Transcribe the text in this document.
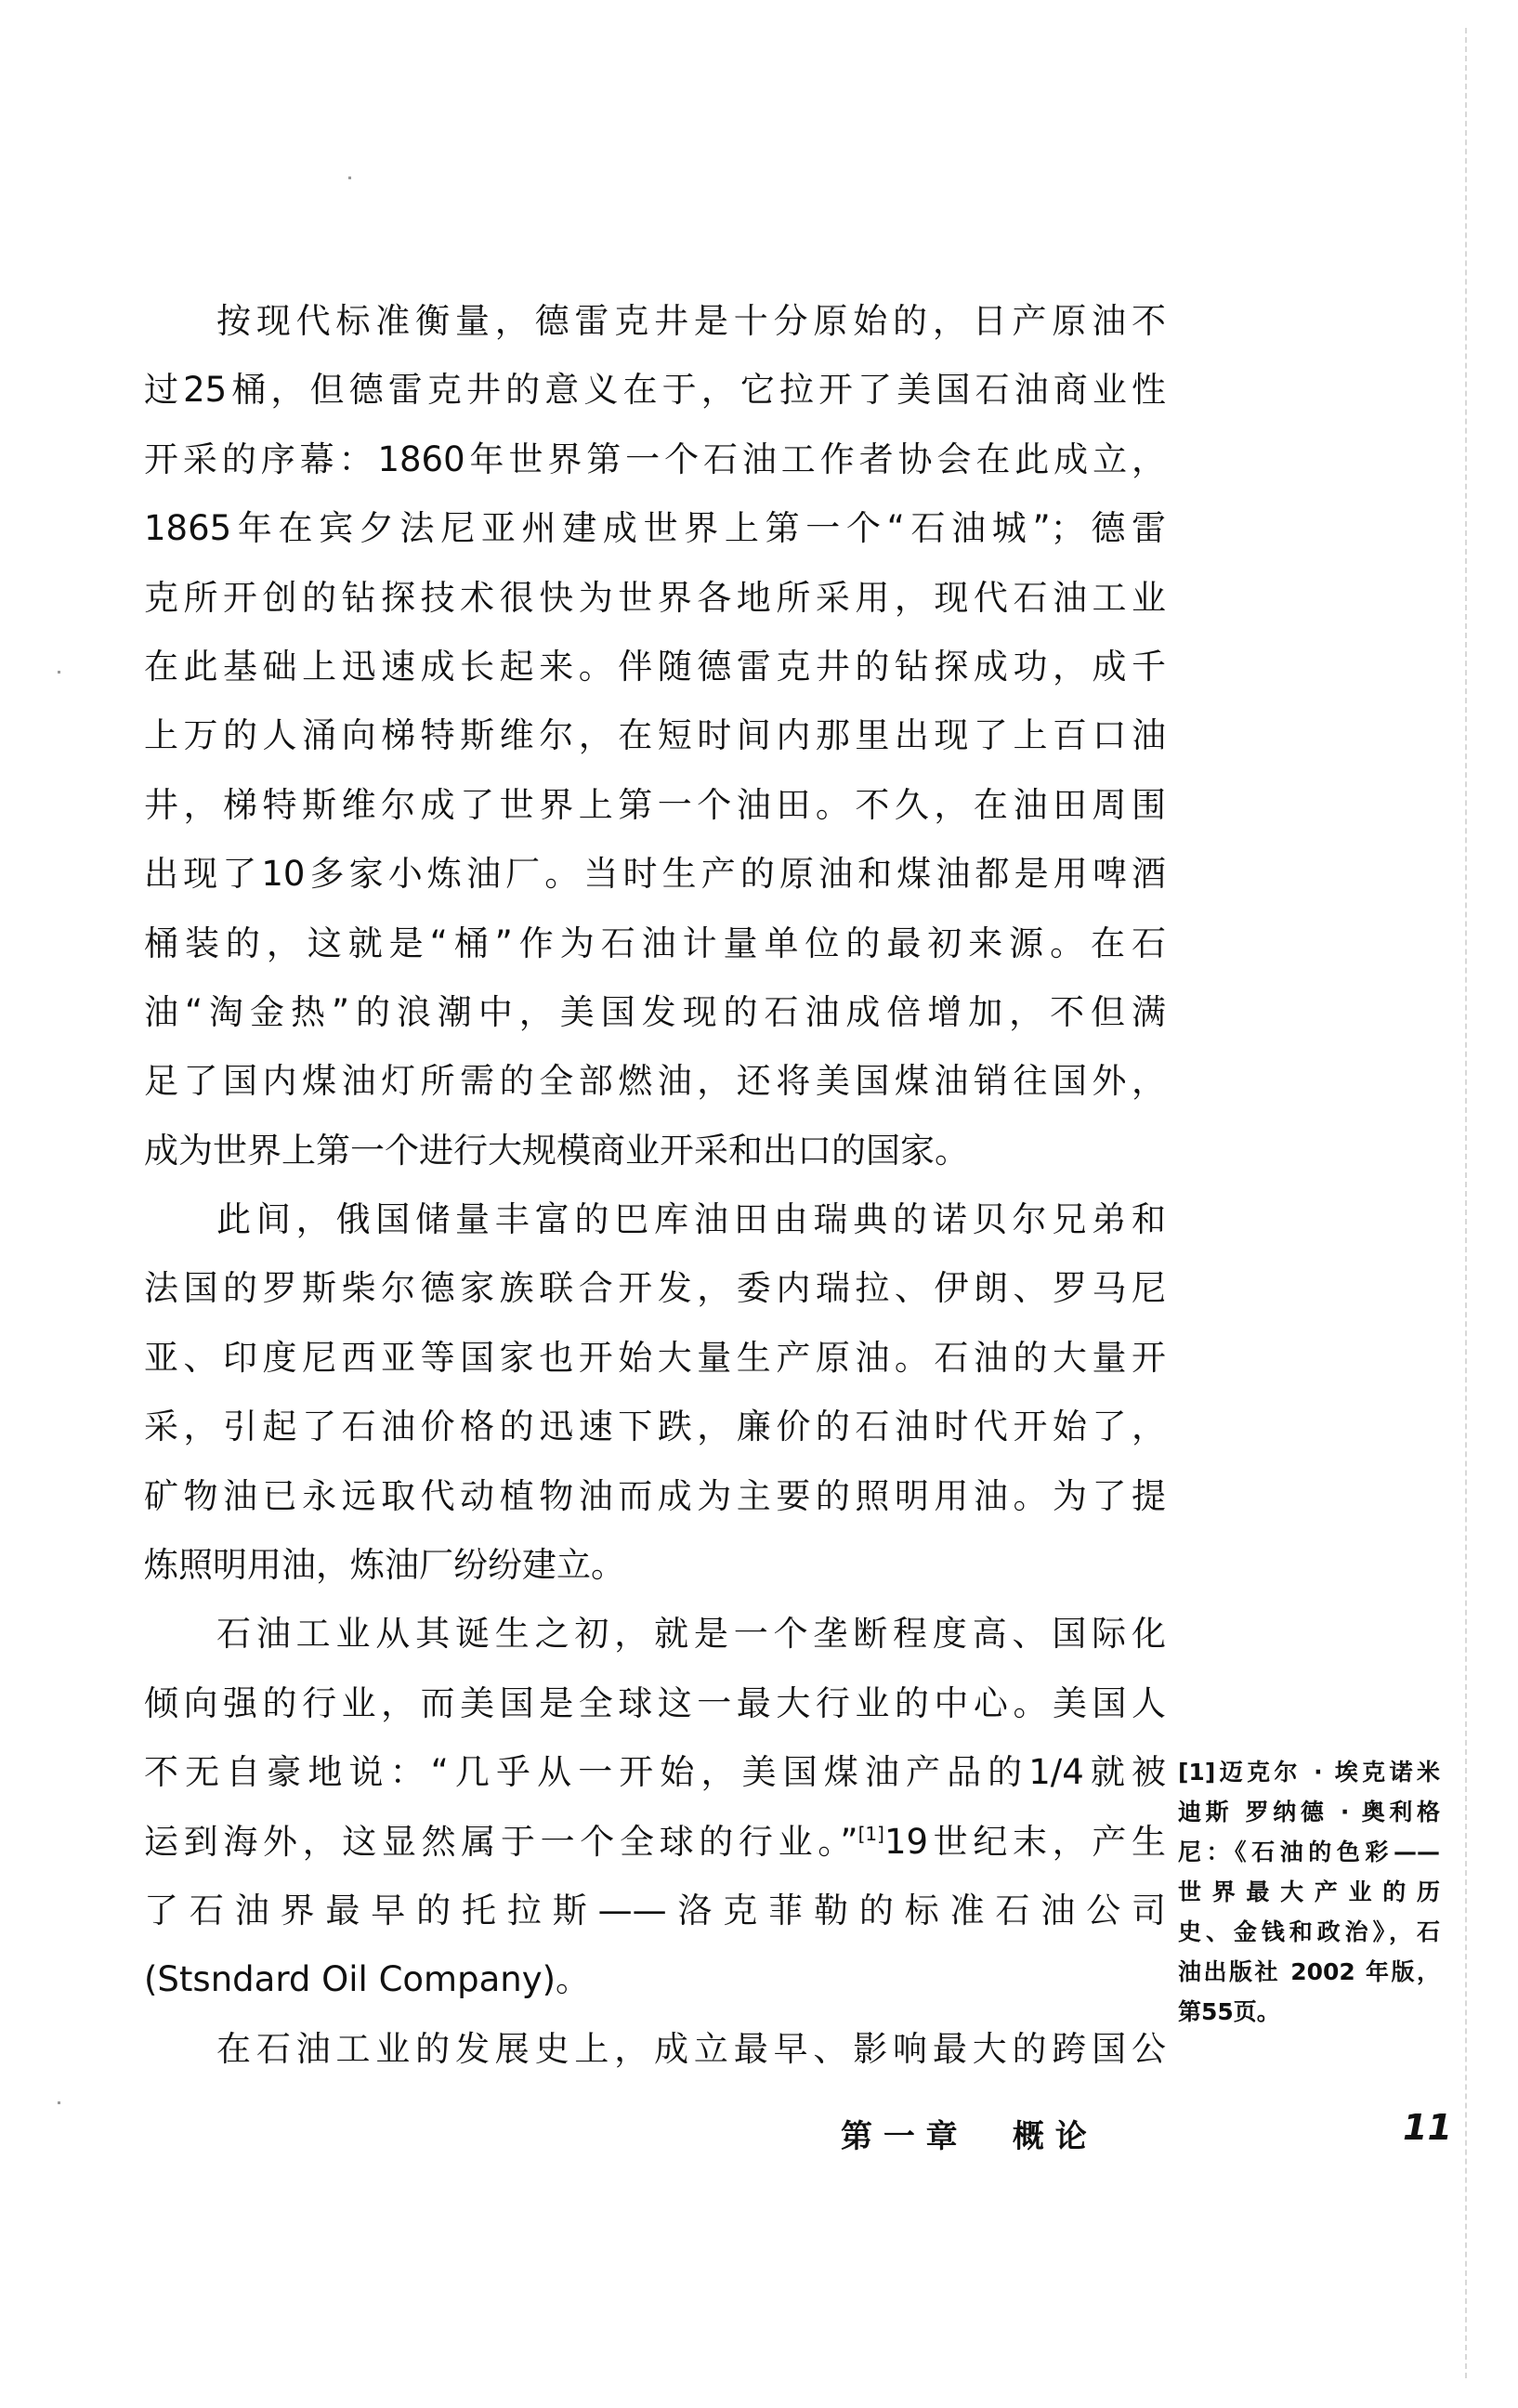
按现代标准衡量，德雷克井是十分原始的，日产原油不
过25桶，但德雷克井的意义在于，它拉开了美国石油商业性
开采的序幕：1860年世界第一个石油工作者协会在此成立，
1865年在宾夕法尼亚州建成世界上第一个“石油城”；德雷
克所开创的钻探技术很快为世界各地所采用，现代石油工业
在此基础上迅速成长起来。伴随德雷克井的钻探成功，成千
上万的人涌向梯特斯维尔，在短时间内那里出现了上百口油
井，梯特斯维尔成了世界上第一个油田。不久，在油田周围
出现了10多家小炼油厂。当时生产的原油和煤油都是用啤酒
桶装的，这就是“桶”作为石油计量单位的最初来源。在石
油“淘金热”的浪潮中，美国发现的石油成倍增加，不但满
足了国内煤油灯所需的全部燃油，还将美国煤油销往国外，
成为世界上第一个进行大规模商业开采和出口的国家。
此间，俄国储量丰富的巴库油田由瑞典的诺贝尔兄弟和
法国的罗斯柴尔德家族联合开发，委内瑞拉、伊朗、罗马尼
亚、印度尼西亚等国家也开始大量生产原油。石油的大量开
采，引起了石油价格的迅速下跌，廉价的石油时代开始了，
矿物油已永远取代动植物油而成为主要的照明用油。为了提
炼照明用油，炼油厂纷纷建立。
石油工业从其诞生之初，就是一个垄断程度高、国际化
倾向强的行业，而美国是全球这一最大行业的中心。美国人
不无自豪地说：“几乎从一开始，美国煤油产品的1/4就被
运到海外，这显然属于一个全球的行业。”[1]19世纪末，产生
了石油界最早的托拉斯——洛克菲勒的标准石油公司
(Stsndard Oil Company)。
在石油工业的发展史上，成立最早、影响最大的跨国公
[1]迈克尔 · 埃克诺米
迪斯 罗纳德 · 奥利格
尼：《石油的色彩——
世界最大产业的历
史、金钱和政治》，石
油出版社 2002 年版，
第55页。
第 一 章     概 论	11
